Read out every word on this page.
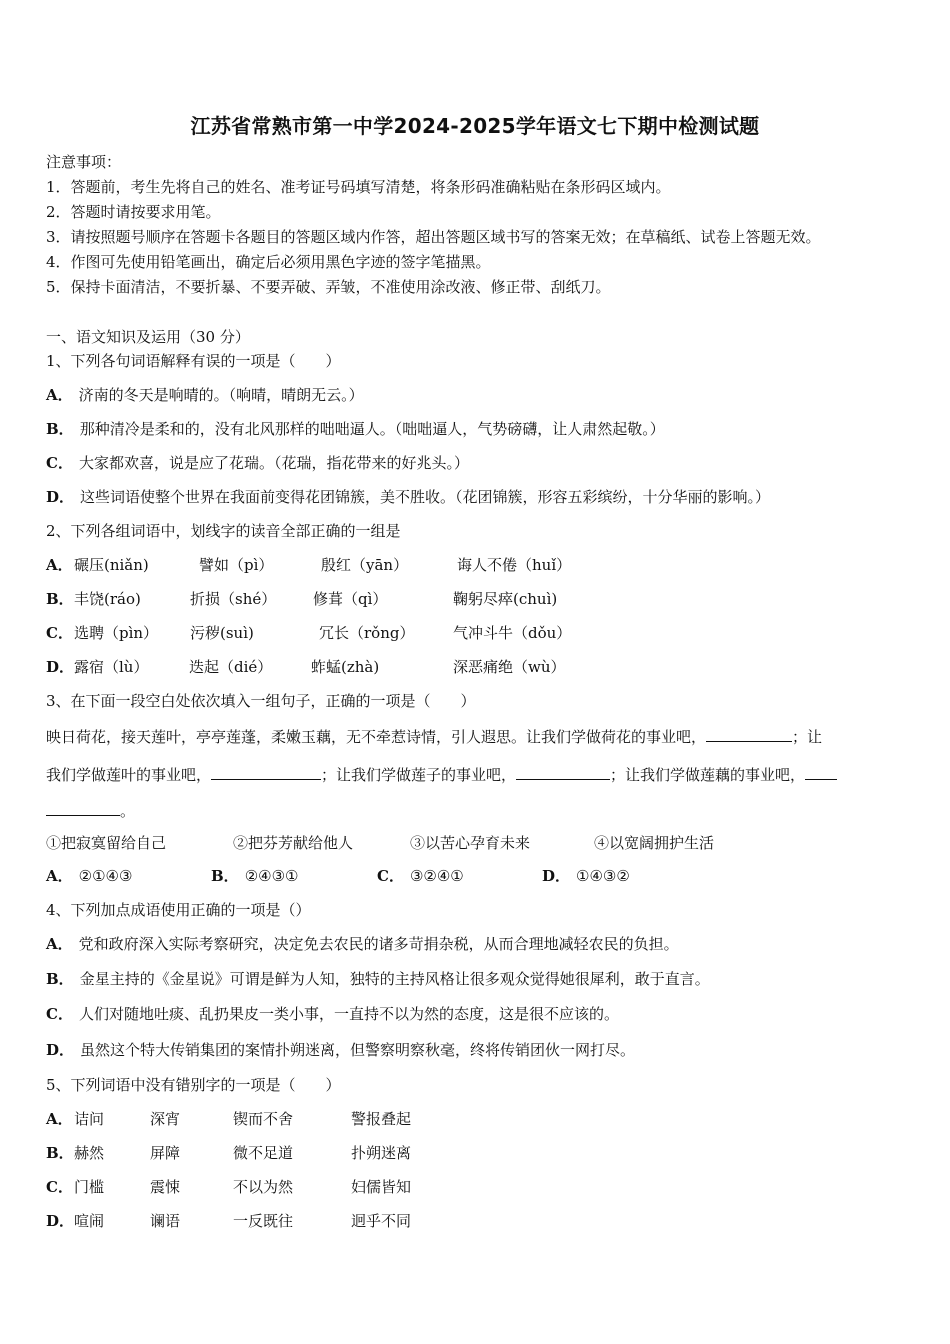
江苏省常熟市第一中学2024-2025学年语文七下期中检测试题
注意事项：
1．答题前，考生先将自己的姓名、准考证号码填写清楚，将条形码准确粘贴在条形码区域内。
2．答题时请按要求用笔。
3．请按照题号顺序在答题卡各题目的答题区域内作答，超出答题区域书写的答案无效；在草稿纸、试卷上答题无效。
4．作图可先使用铅笔画出，确定后必须用黑色字迹的签字笔描黑。
5．保持卡面清洁，不要折暴、不要弄破、弄皱，不准使用涂改液、修正带、刮纸刀。
一、语文知识及运用（30 分）
1、下列各句词语解释有误的一项是（　　）
A． 济南的冬天是响晴的。（响晴，晴朗无云。）
B． 那种清冷是柔和的，没有北风那样的咄咄逼人。（咄咄逼人，气势磅礴，让人肃然起敬。）
C． 大家都欢喜，说是应了花瑞。（花瑞，指花带来的好兆头。）
D． 这些词语使整个世界在我面前变得花团锦簇，美不胜收。（花团锦簇，形容五彩缤纷，十分华丽的影响。）
2、下列各组词语中，划线字的读音全部正确的一组是
A． 碾压(niǎn)	譬如（pì）	殷红（yān）	诲人不倦（huǐ）
B． 丰饶(ráo)	折损（shé） 修葺（qì）	鞠躬尽瘁(chuì)
C． 选聘（pìn） 污秽(suì)	冗长（rǒng）	气冲斗牛（dǒu）
D． 露宿（lù）	迭起（dié）	蚱蜢(zhà)	深恶痛绝（wù）
3、在下面一段空白处依次填入一组句子，正确的一项是（　　）
映日荷花，接天莲叶，亭亭莲蓬，柔嫩玉藕，无不牵惹诗情，引人遐思。让我们学做荷花的事业吧，	；让
我们学做莲叶的事业吧，	；让我们学做莲子的事业吧，	；让我们学做莲藕的事业吧，
。
①把寂寞留给自己	②把芬芳献给他人	③以苦心孕育未来	④以宽阔拥护生活
A． ②①④③	B． ②④③①	C． ③②④①	D． ①④③②
4、下列加点成语使用正确的一项是（）
A． 党和政府深入实际考察研究，决定免去农民的诸多苛捐杂税，从而合理地减轻农民的负担。
B． 金星主持的《金星说》可谓是鲜为人知，独特的主持风格让很多观众觉得她很犀利，敢于直言。
C． 人们对随地吐痰、乱扔果皮一类小事，一直持不以为然的态度，这是很不应该的。
D． 虽然这个特大传销集团的案情扑朔迷离，但警察明察秋毫，终将传销团伙一网打尽。
5、下列词语中没有错别字的一项是（　　）
A． 诘问	深宵	锲而不舍	警报叠起
B． 赫然	屏障	微不足道	扑朔迷离
C． 门槛	震悚	不以为然	妇儒皆知
D． 喧闹	谰语	一反既往	迥乎不同
